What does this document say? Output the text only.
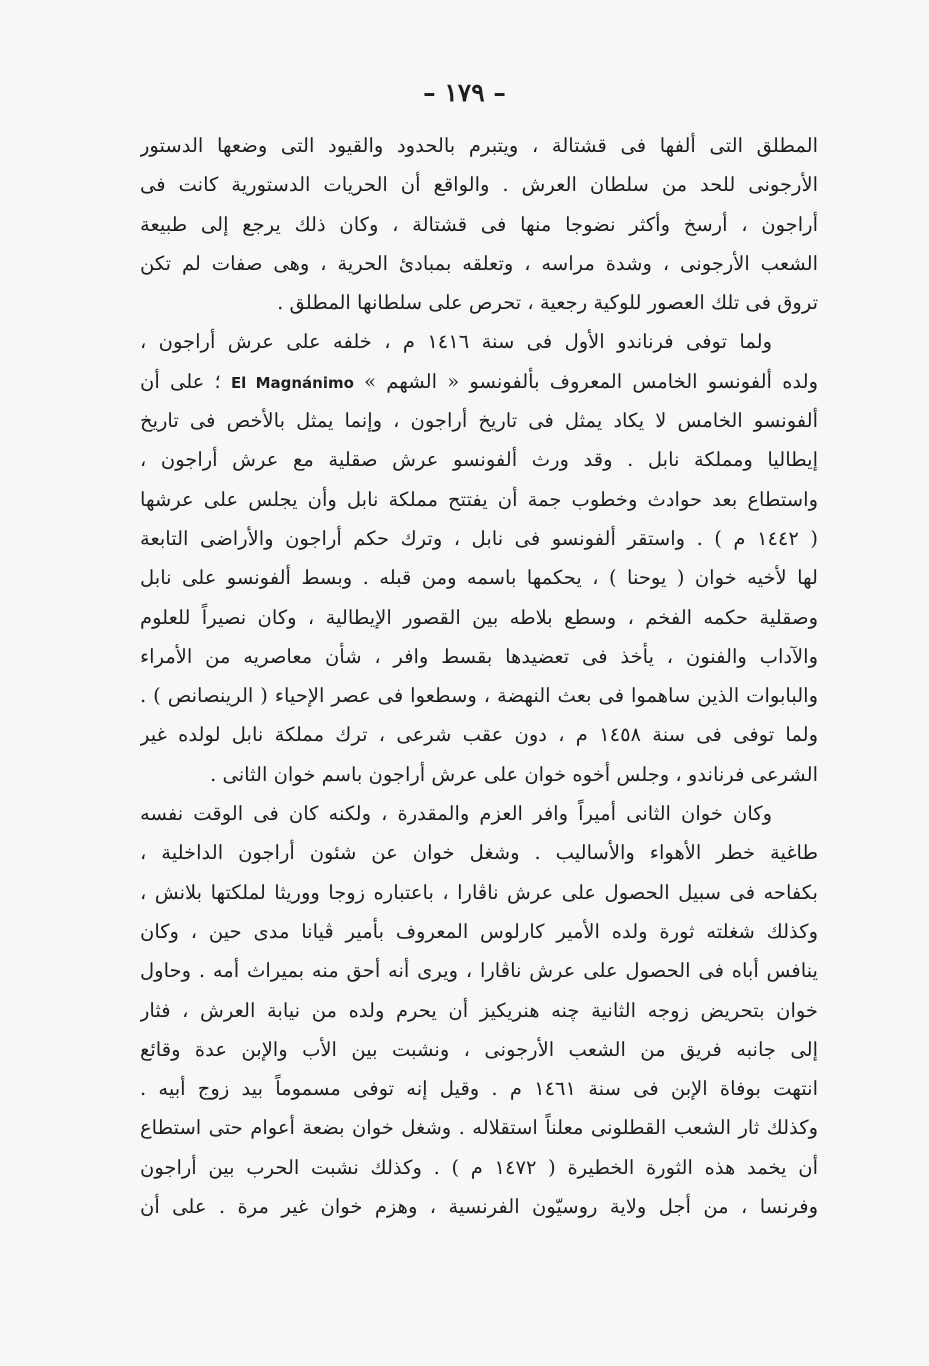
– ١٧٩ –
المطلق التى ألفها فى قشتالة ، ويتبرم بالحدود والقيود التى وضعها الدستور
الأرجونى للحد من سلطان العرش . والواقع أن الحريات الدستورية كانت فى
أراجون ، أرسخ وأكثر نضوجا منها فى قشتالة ، وكان ذلك يرجع إلى طبيعة
الشعب الأرجونى ، وشدة مراسه ، وتعلقه بمبادئ الحرية ، وهى صفات لم تكن
تروق فى تلك العصور للوكية رجعية ، تحرص على سلطانها المطلق .
ولما توفى فرناندو الأول فى سنة ١٤١٦ م ، خلفه على عرش أراجون ،
ولده ألفونسو الخامس المعروف بألفونسو « الشهم » El Magnánimo ؛ على أن
ألفونسو الخامس لا يكاد يمثل فى تاريخ أراجون ، وإنما يمثل بالأخص فى تاريخ
إيطاليا ومملكة نابل . وقد ورث ألفونسو عرش صقلية مع عرش أراجون ،
واستطاع بعد حوادث وخطوب جمة أن يفتتح مملكة نابل وأن يجلس على عرشها
( ١٤٤٢ م ) . واستقر ألفونسو فى نابل ، وترك حكم أراجون والأراضى التابعة
لها لأخيه خوان ( يوحنا ) ، يحكمها باسمه ومن قبله . وبسط ألفونسو على نابل
وصقلية حكمه الفخم ، وسطع بلاطه بين القصور الإيطالية ، وكان نصيراً للعلوم
والآداب والفنون ، يأخذ فى تعضيدها بقسط وافر ، شأن معاصريه من الأمراء
والبابوات الذين ساهموا فى بعث النهضة ، وسطعوا فى عصر الإحياء ( الرينصانص ) .
ولما توفى فى سنة ١٤٥٨ م ، دون عقب شرعى ، ترك مملكة نابل لولده غير
الشرعى فرناندو ، وجلس أخوه خوان على عرش أراجون باسم خوان الثانى .
وكان خوان الثانى أميراً وافر العزم والمقدرة ، ولكنه كان فى الوقت نفسه
طاغية خطر الأهواء والأساليب . وشغل خوان عن شئون أراجون الداخلية ،
بكفاحه فى سبيل الحصول على عرش ناڤارا ، باعتباره زوجا ووريثا لملكتها بلانش ،
وكذلك شغلته ثورة ولده الأمير كارلوس المعروف بأمير ڤيانا مدى حين ، وكان
ينافس أباه فى الحصول على عرش ناڤارا ، ويرى أنه أحق منه بميراث أمه . وحاول
خوان بتحريض زوجه الثانية چنه هنريكيز أن يحرم ولده من نيابة العرش ، فثار
إلى جانبه فريق من الشعب الأرجونى ، ونشبت بين الأب والإبن عدة وقائع
انتهت بوفاة الإبن فى سنة ١٤٦١ م . وقيل إنه توفى مسموماً بيد زوج أبيه .
وكذلك ثار الشعب القطلونى معلناً استقلاله . وشغل خوان بضعة أعوام حتى استطاع
أن يخمد هذه الثورة الخطيرة ( ١٤٧٢ م ) . وكذلك نشبت الحرب بين أراجون
وفرنسا ، من أجل ولاية روسيّون الفرنسية ، وهزم خوان غير مرة . على أن
